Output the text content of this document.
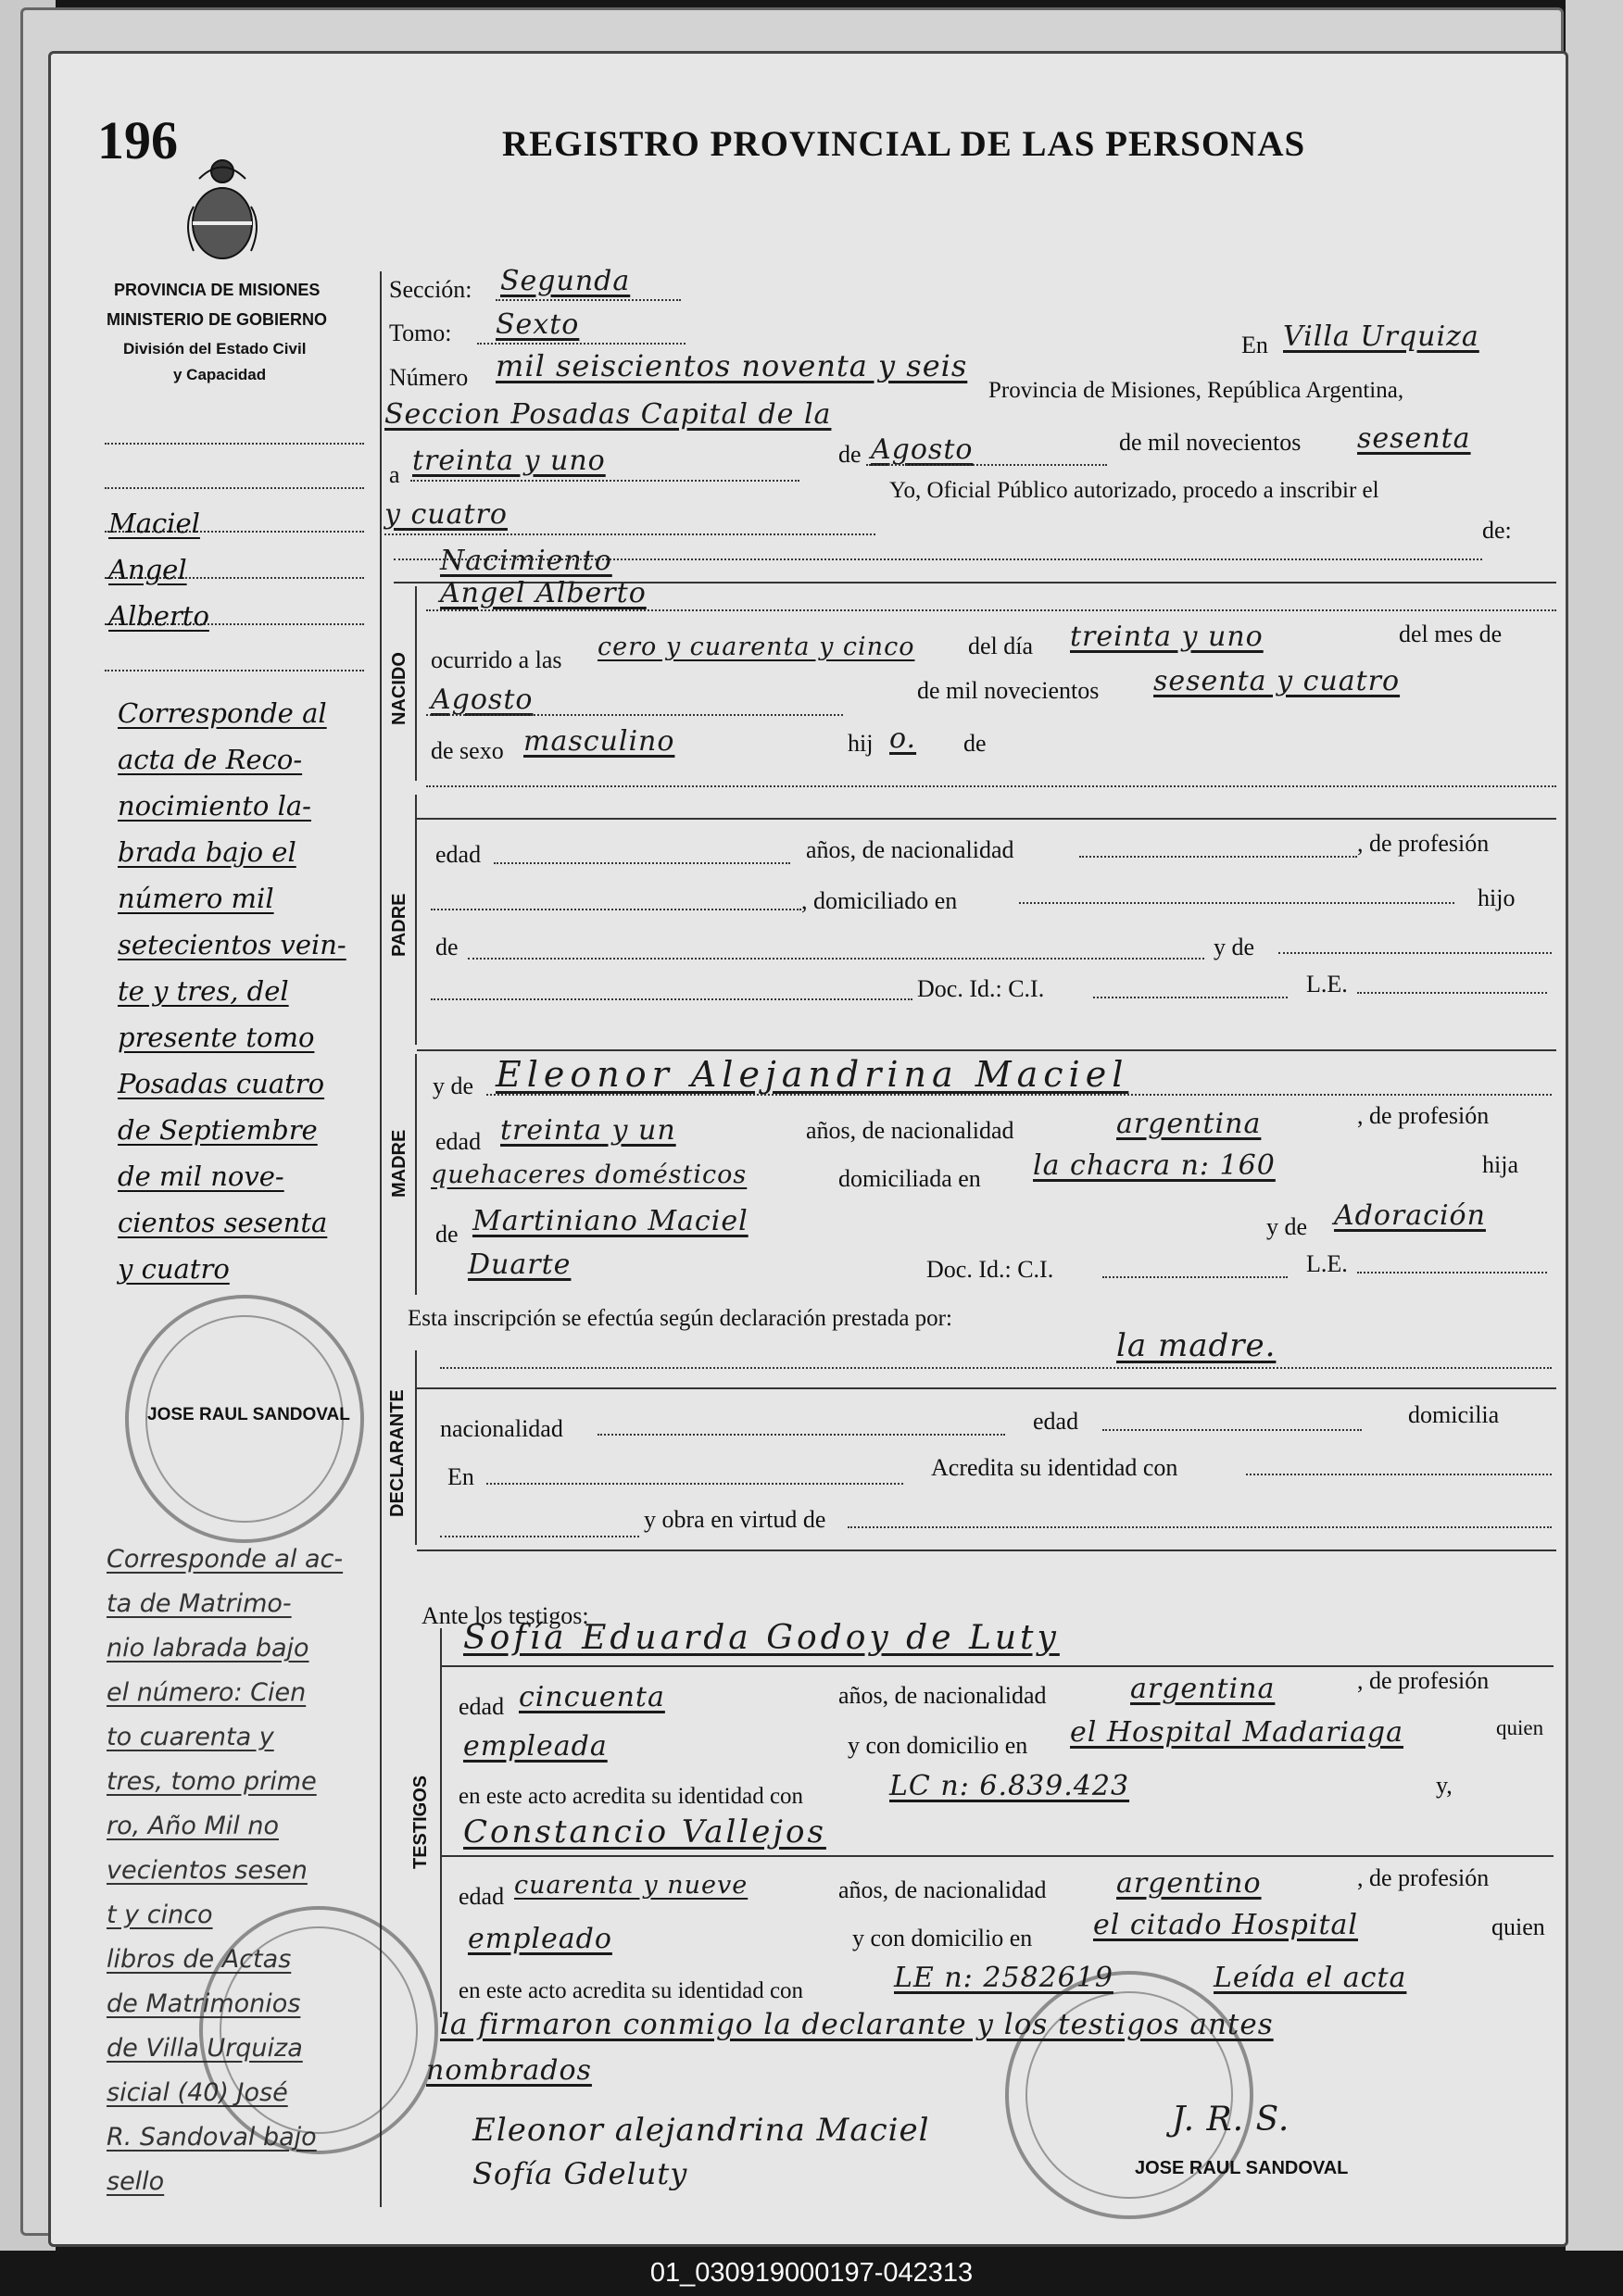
196	REGISTRO PROVINCIAL DE LAS PERSONAS
PROVINCIA DE MISIONES
MINISTERIO DE GOBIERNO
División del Estado Civil
y Capacidad
Maciel
Angel
Alberto
Corresponde al
acta de Reco-
nocimiento la-
brada bajo el
número mil
setecientos vein-
te y tres, del
presente tomo
Posadas cuatro
de Septiembre
de mil nove-
cientos sesenta
y cuatro
JOSE RAUL SANDOVAL
Corresponde al ac-
ta de Matrimo-
nio labrada bajo
el número: Cien
to cuarenta y
tres, tomo prime
ro, Año Mil no
vecientos sesen
t y cinco
libros de Actas
de Matrimonios
de Villa Urquiza
sicial (40) José
R. Sandoval bajo
sello
Sección: Segunda
Tomo: Sexto
Número mil seiscientos noventa y seis
En Villa Urquiza
Seccion Posadas Capital de la
Provincia de Misiones, República Argentina,
a treinta y uno	de Agosto	de mil novecientos sesenta
y cuatro
Yo, Oficial Público autorizado, procedo a inscribir el
de:
Nacimiento
NACIDO
Angel Alberto
ocurrido a las cero y cuarenta y cinco del día treinta y uno	del mes de
Agosto	de mil novecientos sesenta y cuatro
de sexo masculino	hij o. de
PADRE
edad	años, de nacionalidad	, de profesión
, domiciliado en	hijo
de	y de
Doc. Id.: C.I.	L.E.
MADRE
y de Eleonor Alejandrina Maciel
edad treinta y un	años, de nacionalidad	argentina	, de profesión
quehaceres domésticos	domiciliada en la chacra n: 160	hija
de Martiniano Maciel	y de Adoración
Duarte	Doc. Id.: C.I.	L.E.
Esta inscripción se efectúa según declaración prestada por:
la madre.
DECLARANTE nacionalidad	edad	domicilia
En	Acredita su identidad con
y obra en virtud de
Ante los testigos:
TESTIGOS
Sofía Eduarda Godoy de Luty
edad cincuenta	años, de nacionalidad	argentina	, de profesión
empleada	y con domicilio en el Hospital Madariaga	quien
en este acto acredita su identidad con	LC n: 6.839.423	y,
Constancio Vallejos
edad cuarenta y nueve	años, de nacionalidad	argentino	, de profesión
empleado	y con domicilio en el citado Hospital	quien
en este acto acredita su identidad con	LE n: 2582619	Leída el acta
la firmaron conmigo la declarante y los testigos antes
nombrados
Eleonor alejandrina Maciel
Sofía Gdeluty
J. R. S.
JOSE RAUL SANDOVAL
01_030919000197-042313
